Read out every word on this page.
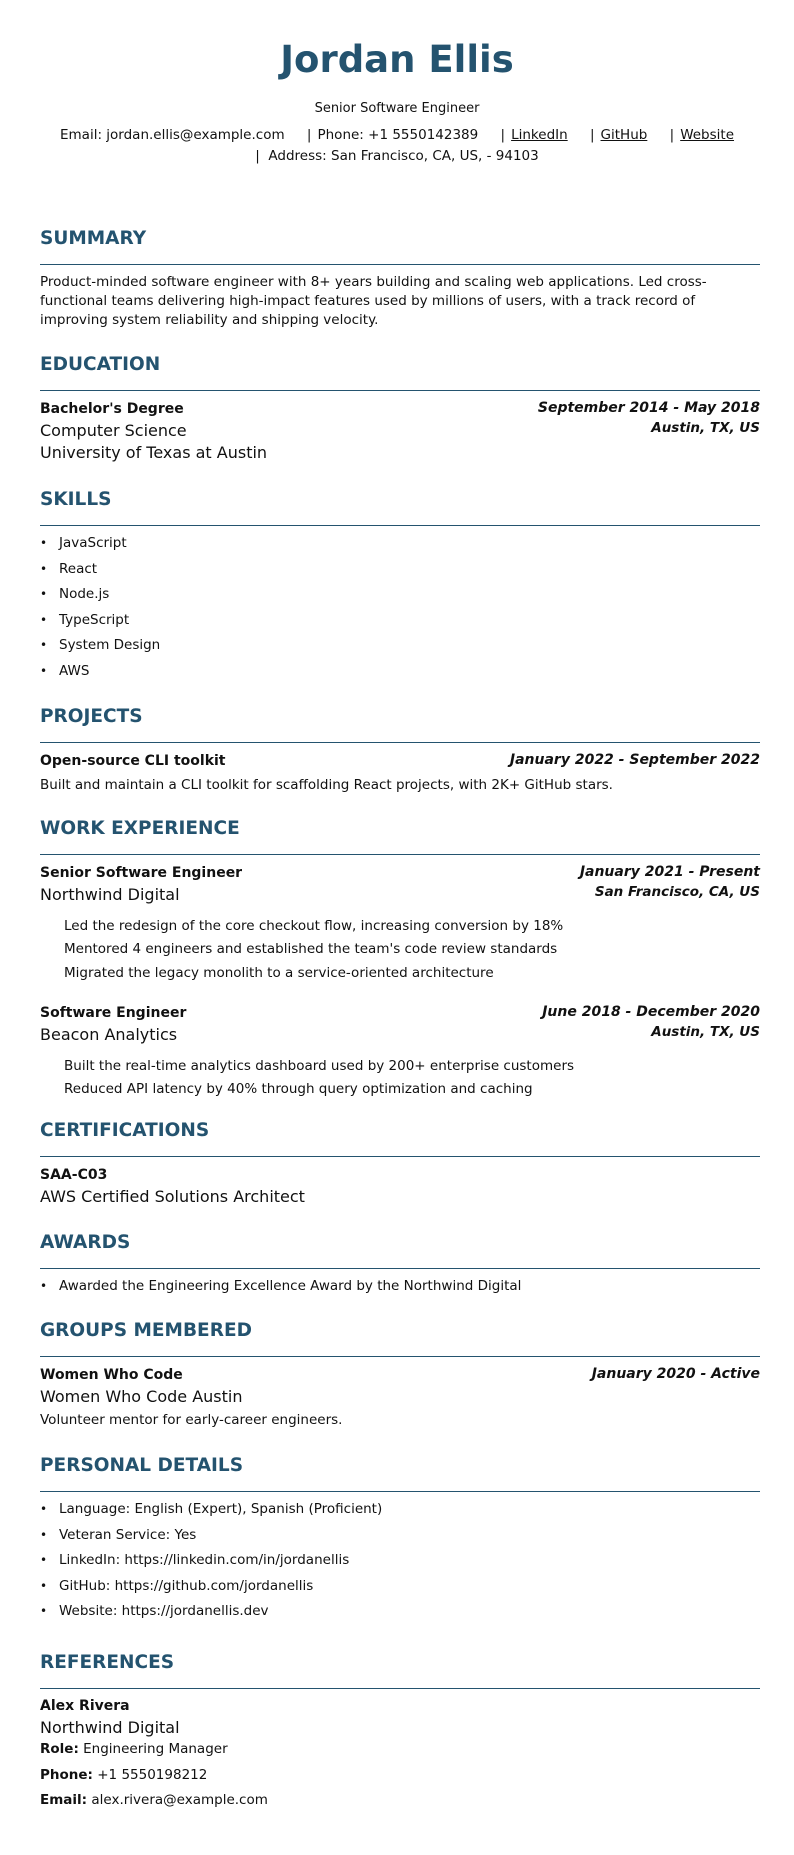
Jordan Ellis
Senior Software Engineer
Email: jordan.ellis@example.com | Phone: +1 5550142389 | LinkedIn | GitHub | Website
| Address: San Francisco, CA, US, - 94103
SUMMARY
Product-minded software engineer with 8+ years building and scaling web applications. Led cross-functional teams delivering high-impact features used by millions of users, with a track record of improving system reliability and shipping velocity.
EDUCATION
Bachelor's Degree	September 2014 - May 2018
Computer Science	Austin, TX, US
University of Texas at Austin
SKILLS
• JavaScript
• React
• Node.js
• TypeScript
• System Design
• AWS
PROJECTS
Open-source CLI toolkit	January 2022 - September 2022
Built and maintain a CLI toolkit for scaffolding React projects, with 2K+ GitHub stars.
WORK EXPERIENCE
Senior Software Engineer	January 2021 - Present
Northwind Digital	San Francisco, CA, US
Led the redesign of the core checkout flow, increasing conversion by 18%
Mentored 4 engineers and established the team's code review standards
Migrated the legacy monolith to a service-oriented architecture
Software Engineer	June 2018 - December 2020
Beacon Analytics	Austin, TX, US
Built the real-time analytics dashboard used by 200+ enterprise customers
Reduced API latency by 40% through query optimization and caching
CERTIFICATIONS
SAA-C03
AWS Certified Solutions Architect
AWARDS
• Awarded the Engineering Excellence Award by the Northwind Digital
GROUPS MEMBERED
Women Who Code	January 2020 - Active
Women Who Code Austin
Volunteer mentor for early-career engineers.
PERSONAL DETAILS
• Language: English (Expert), Spanish (Proficient)
• Veteran Service: Yes
• LinkedIn: https://linkedin.com/in/jordanellis
• GitHub: https://github.com/jordanellis
• Website: https://jordanellis.dev
REFERENCES
Alex Rivera
Northwind Digital
Role: Engineering Manager
Phone: +1 5550198212
Email: alex.rivera@example.com
